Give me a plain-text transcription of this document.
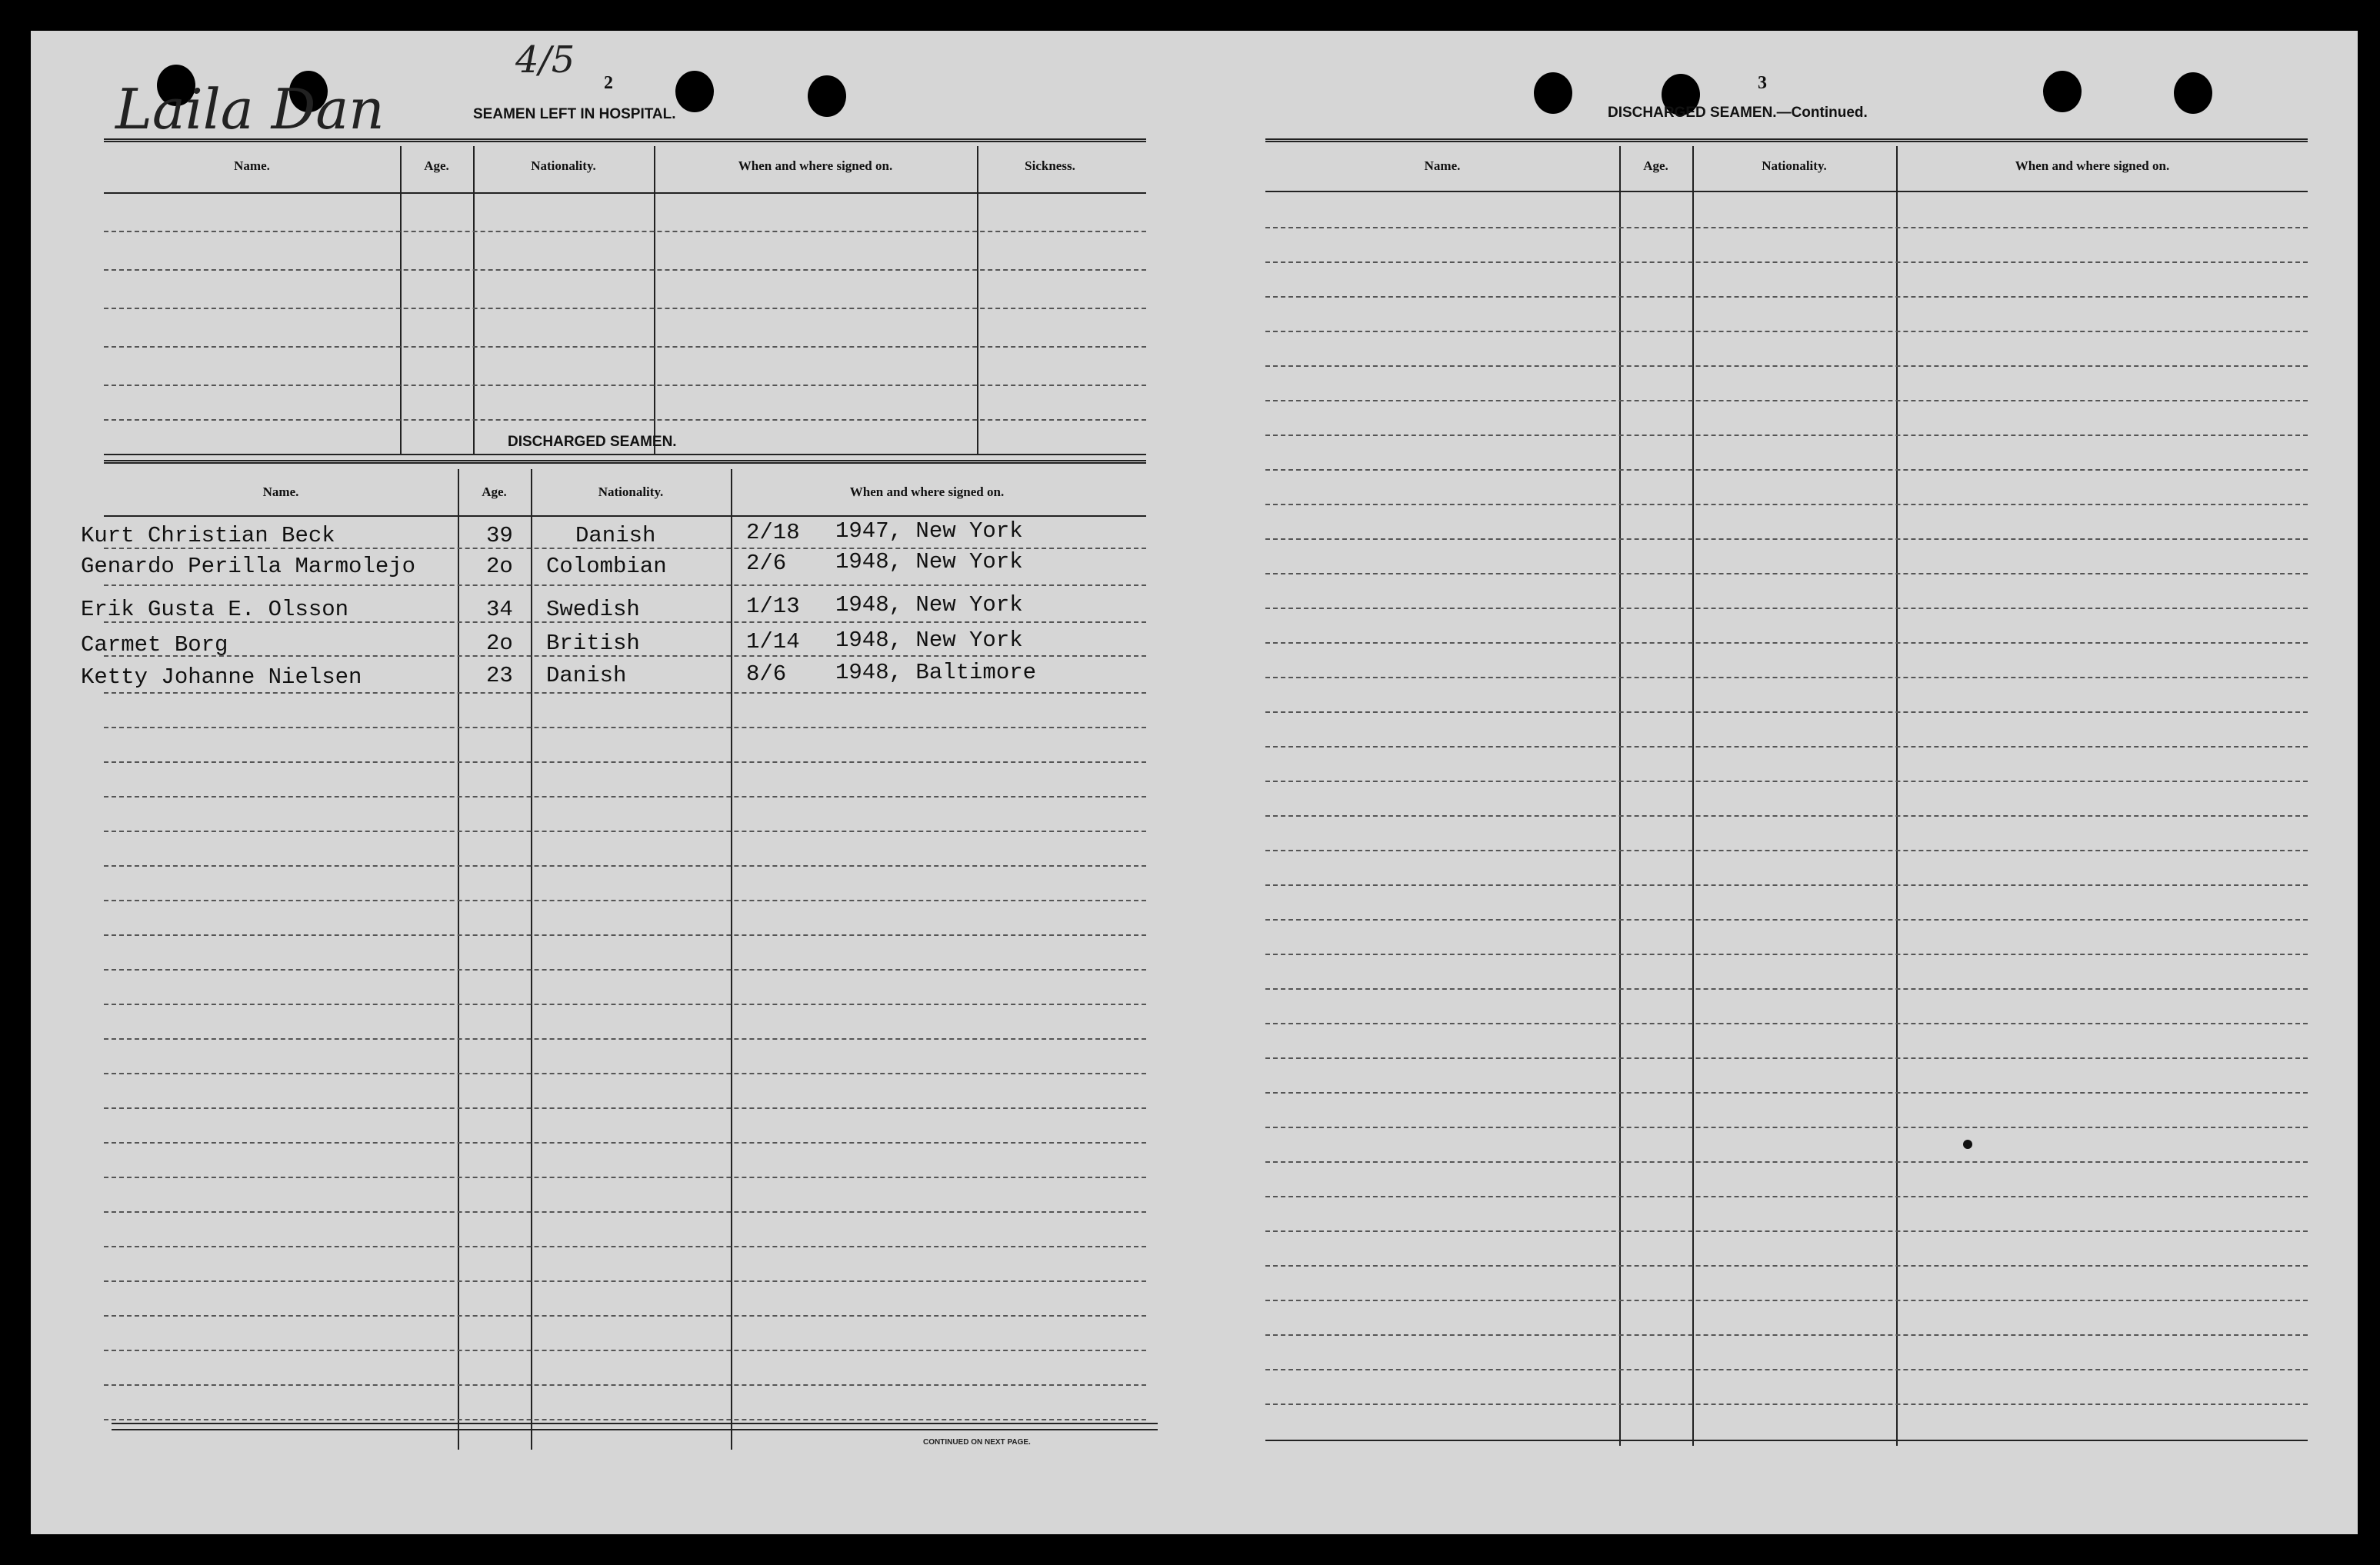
Laila Dan
4/5
2
SEAMEN LEFT IN HOSPITAL.
Name.	Age.	Nationality.	When and where signed on.	Sickness.
DISCHARGED SEAMEN.
Name.	Age.	Nationality.	When and where signed on.
Kurt Christian Beck	39	Danish	2/18 1947, New York
Genardo Perilla Marmolejo	2o Colombian	2/6 1948, New York
Erik Gusta E. Olsson	34 Swedish	1/13 1948, New York
Carmet Borg	2o British	1/14 1948, New York
Ketty Johanne Nielsen	23 Danish	8/6 1948, Baltimore
CONTINUED ON NEXT PAGE.
3
DISCHARGED SEAMEN.—Continued.
Name.	Age.	Nationality.	When and where signed on.
